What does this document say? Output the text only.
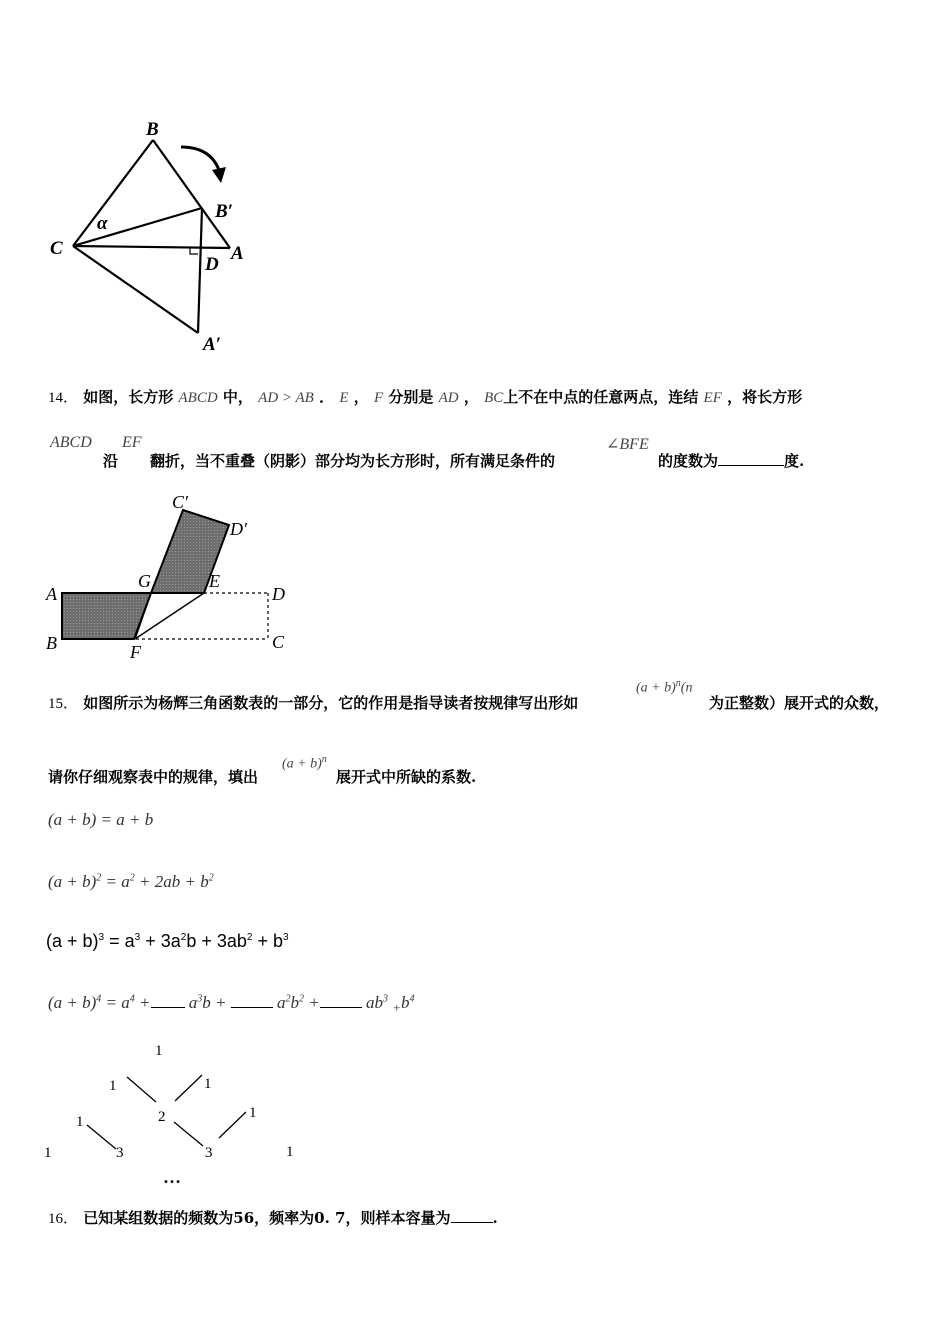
B
B′
C
α
D
A
A′
14． 如图，长方形 ABCD 中， AD > AB ． E ， F 分别是 AD ， BC上不在中点的任意两点，连结 EF ，将长方形
ABCD
沿
EF
翻折，当不重叠（阴影）部分均为长方形时，所有满足条件的
∠BFE
的度数为	度.
C′
D′
A
G	E
D
B	F	C
15． 如图所示为杨辉三角函数表的一部分，它的作用是指导读者按规律写出形如
$(a + b)^n(n$
为正整数）展开式的众数，
请你仔细观察表中的规律，填出
$(a + b)^n$
展开式中所缺的系数.
(a + b) = a + b
$(a + b)^2 = a^2 + 2ab + b^2$
$(a + b)^3 = a^3 + 3a^2b + 3ab^2 + b^3$
$(a + b)^4 = a^4 + a^3b$ +	$a^2b^2$ +	$ab^3$ $_+b^4$
1
1	1
1	2	1
1	3	3	1
…
16． 已知某组数据的频数为56，频率为0. 7，则样本容量为	.
